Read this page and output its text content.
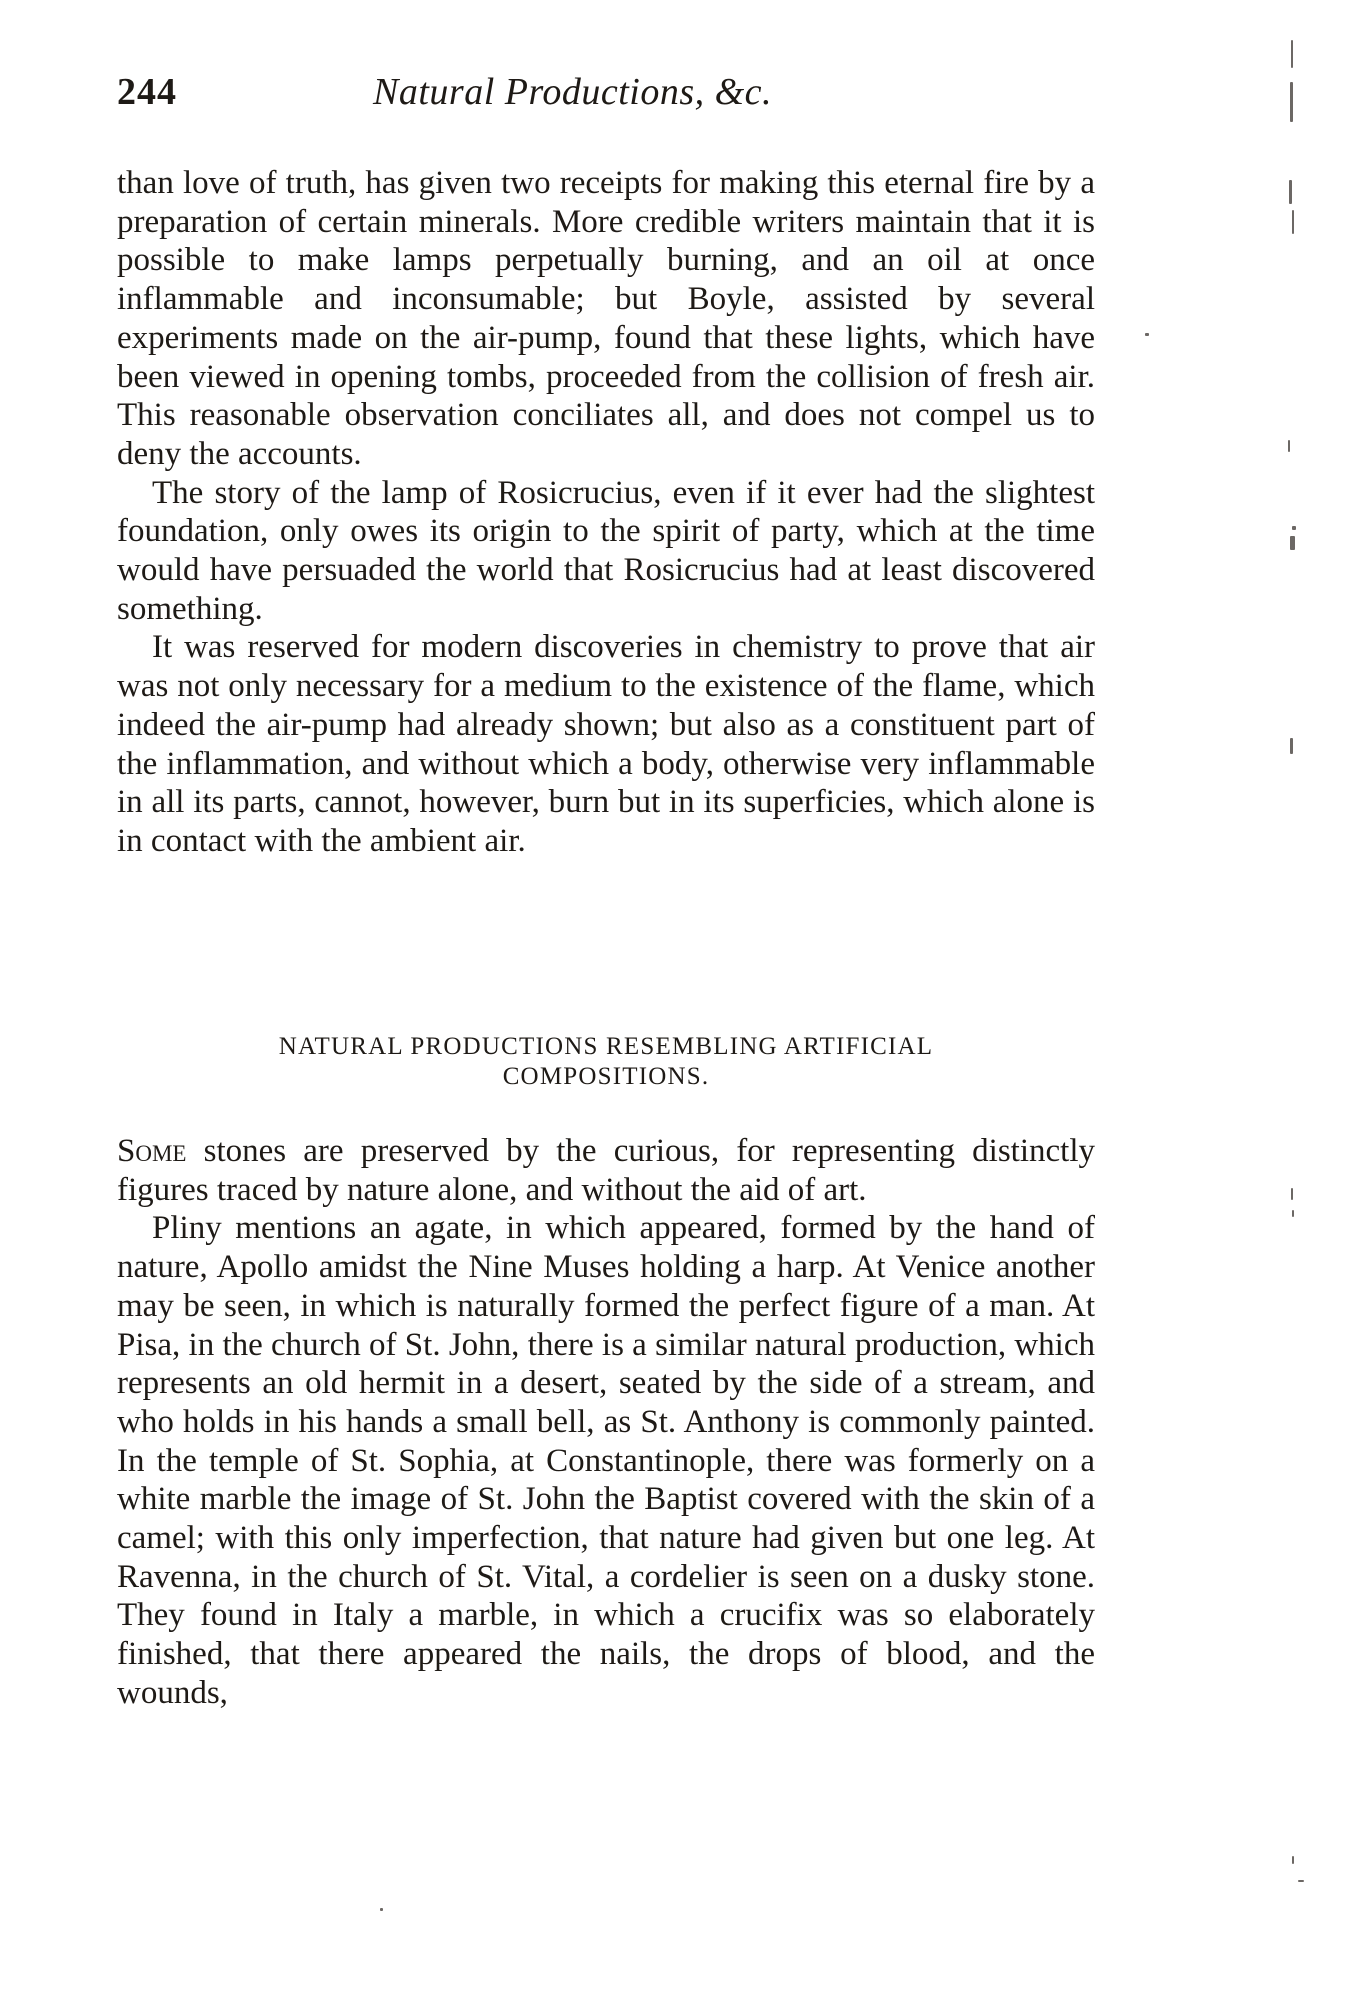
244	Natural Productions, &c.

than love of truth, has given two receipts for making this eternal fire by a preparation of certain minerals. More credible writers maintain that it is possible to make lamps perpetually burning, and an oil at once inflammable and inconsumable; but Boyle, assisted by several experiments made on the air-pump, found that these lights, which have been viewed in opening tombs, proceeded from the collision of fresh air. This reasonable observation conciliates all, and does not compel us to deny the accounts.

The story of the lamp of Rosicrucius, even if it ever had the slightest foundation, only owes its origin to the spirit of party, which at the time would have persuaded the world that Rosicrucius had at least discovered something.

It was reserved for modern discoveries in chemistry to prove that air was not only necessary for a medium to the existence of the flame, which indeed the air-pump had already shown; but also as a constituent part of the inflammation, and without which a body, otherwise very inflammable in all its parts, cannot, however, burn but in its superficies, which alone is in contact with the ambient air.

NATURAL PRODUCTIONS RESEMBLING ARTIFICIAL
COMPOSITIONS.

Some stones are preserved by the curious, for representing distinctly figures traced by nature alone, and without the aid of art.

Pliny mentions an agate, in which appeared, formed by the hand of nature, Apollo amidst the Nine Muses holding a harp. At Venice another may be seen, in which is naturally formed the perfect figure of a man. At Pisa, in the church of St. John, there is a similar natural production, which represents an old hermit in a desert, seated by the side of a stream, and who holds in his hands a small bell, as St. Anthony is commonly painted. In the temple of St. Sophia, at Constantinople, there was formerly on a white marble the image of St. John the Baptist covered with the skin of a camel; with this only imperfection, that nature had given but one leg. At Ravenna, in the church of St. Vital, a cordelier is seen on a dusky stone. They found in Italy a marble, in which a crucifix was so elaborately finished, that there appeared the nails, the drops of blood, and the wounds,
